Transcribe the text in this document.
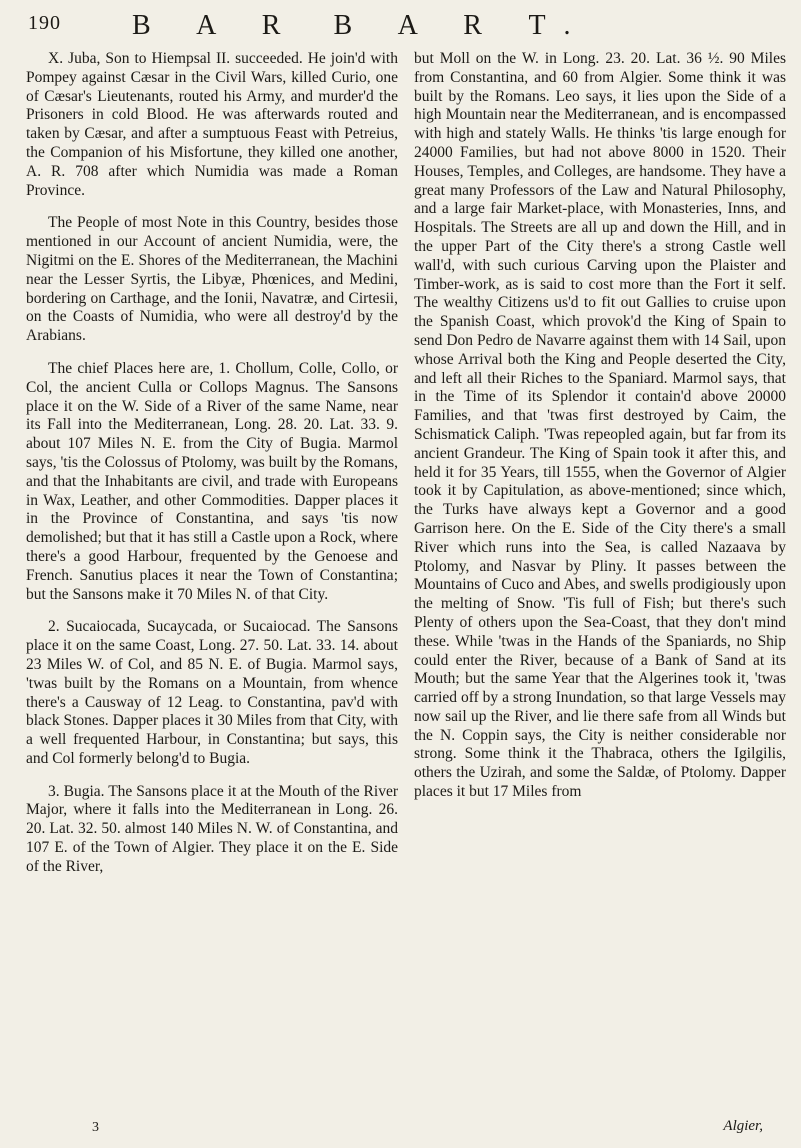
190	B A R B A R T.

X. Juba, Son to Hiempsal II. succeeded. He join'd with Pompey against Cæsar in the Civil Wars, killed Curio, one of Cæsar's Lieutenants, routed his Army, and murder'd the Prisoners in cold Blood. He was afterwards routed and taken by Cæsar, and after a sumptuous Feast with Petreius, the Companion of his Misfortune, they killed one another, A. R. 708 after which Numidia was made a Roman Province.

The People of most Note in this Country, besides those mentioned in our Account of ancient Numidia, were, the Nigitmi on the E. Shores of the Mediterranean, the Machini near the Lesser Syrtis, the Libyæ, Phœnices, and Medini, bordering on Carthage, and the Ionii, Navatræ, and Cirtesii, on the Coasts of Numidia, who were all destroy'd by the Arabians.

The chief Places here are, 1. Chollum, Colle, Collo, or Col, the ancient Culla or Collops Magnus. The Sansons place it on the W. Side of a River of the same Name, near its Fall into the Mediterranean, Long. 28. 20. Lat. 33. 9. about 107 Miles N. E. from the City of Bugia. Marmol says, 'tis the Colossus of Ptolomy, was built by the Romans, and that the Inhabitants are civil, and trade with Europeans in Wax, Leather, and other Commodities. Dapper places it in the Province of Constantina, and says 'tis now demolished; but that it has still a Castle upon a Rock, where there's a good Harbour, frequented by the Genoese and French. Sanutius places it near the Town of Constantina; but the Sansons make it 70 Miles N. of that City.

2. Sucaiocada, Sucaycada, or Sucaiocad. The Sansons place it on the same Coast, Long. 27. 50. Lat. 33. 14. about 23 Miles W. of Col, and 85 N. E. of Bugia. Marmol says, 'twas built by the Romans on a Mountain, from whence there's a Causway of 12 Leag. to Constantina, pav'd with black Stones. Dapper places it 30 Miles from that City, with a well frequented Harbour, in Constantina; but says, this and Col formerly belong'd to Bugia.

3. Bugia. The Sansons place it at the Mouth of the River Major, where it falls into the Mediterranean in Long. 26. 20. Lat. 32. 50. almost 140 Miles N. W. of Constantina, and 107 E. of the Town of Algier. They place it on the E. Side of the River,

but Moll on the W. in Long. 23. 20. Lat. 36 ½. 90 Miles from Constantina, and 60 from Algier. Some think it was built by the Romans. Leo says, it lies upon the Side of a high Mountain near the Mediterranean, and is encompassed with high and stately Walls. He thinks 'tis large enough for 24000 Families, but had not above 8000 in 1520. Their Houses, Temples, and Colleges, are handsome. They have a great many Professors of the Law and Natural Philosophy, and a large fair Market-place, with Monasteries, Inns, and Hospitals. The Streets are all up and down the Hill, and in the upper Part of the City there's a strong Castle well wall'd, with such curious Carving upon the Plaister and Timber-work, as is said to cost more than the Fort it self. The wealthy Citizens us'd to fit out Gallies to cruise upon the Spanish Coast, which provok'd the King of Spain to send Don Pedro de Navarre against them with 14 Sail, upon whose Arrival both the King and People deserted the City, and left all their Riches to the Spaniard. Marmol says, that in the Time of its Splendor it contain'd above 20000 Families, and that 'twas first destroyed by Caim, the Schismatick Caliph. 'Twas repeopled again, but far from its ancient Grandeur. The King of Spain took it after this, and held it for 35 Years, till 1555, when the Governor of Algier took it by Capitulation, as above-mentioned; since which, the Turks have always kept a Governor and a good Garrison here. On the E. Side of the City there's a small River which runs into the Sea, is called Nazaava by Ptolomy, and Nasvar by Pliny. It passes between the Mountains of Cuco and Abes, and swells prodigiously upon the melting of Snow. 'Tis full of Fish; but there's such Plenty of others upon the Sea-Coast, that they don't mind these. While 'twas in the Hands of the Spaniards, no Ship could enter the River, because of a Bank of Sand at its Mouth; but the same Year that the Algerines took it, 'twas carried off by a strong Inundation, so that large Vessels may now sail up the River, and lie there safe from all Winds but the N. Coppin says, the City is neither considerable nor strong. Some think it the Thabraca, others the Igilgilis, others the Uzirah, and some the Saldæ, of Ptolomy. Dapper places it but 17 Miles from

3	Algier,
